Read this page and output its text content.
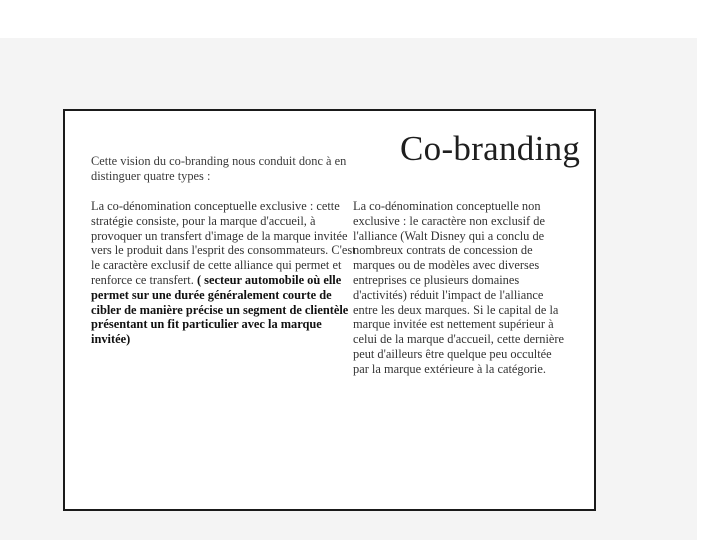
Co-branding
Cette vision du co-branding nous conduit donc à en distinguer quatre types :
La co-dénomination conceptuelle exclusive : cette stratégie consiste, pour la marque d'accueil, à provoquer un transfert d'image de la marque invitée vers le produit dans l'esprit des consommateurs. C'est le caractère exclusif de cette alliance qui permet et renforce ce transfert. ( secteur automobile où elle permet sur une durée généralement courte de cibler de manière précise un segment de clientèle présentant un fit particulier avec la marque invitée)
La co-dénomination conceptuelle non exclusive : le caractère non exclusif de l'alliance (Walt Disney qui a conclu de nombreux contrats de concession de marques ou de modèles avec diverses entreprises ce plusieurs domaines d'activités) réduit l'impact de l'alliance entre les deux marques. Si le capital de la marque invitée est nettement supérieur à celui de la marque d'accueil, cette dernière peut d'ailleurs être quelque peu occultée par la marque extérieure à la catégorie.
